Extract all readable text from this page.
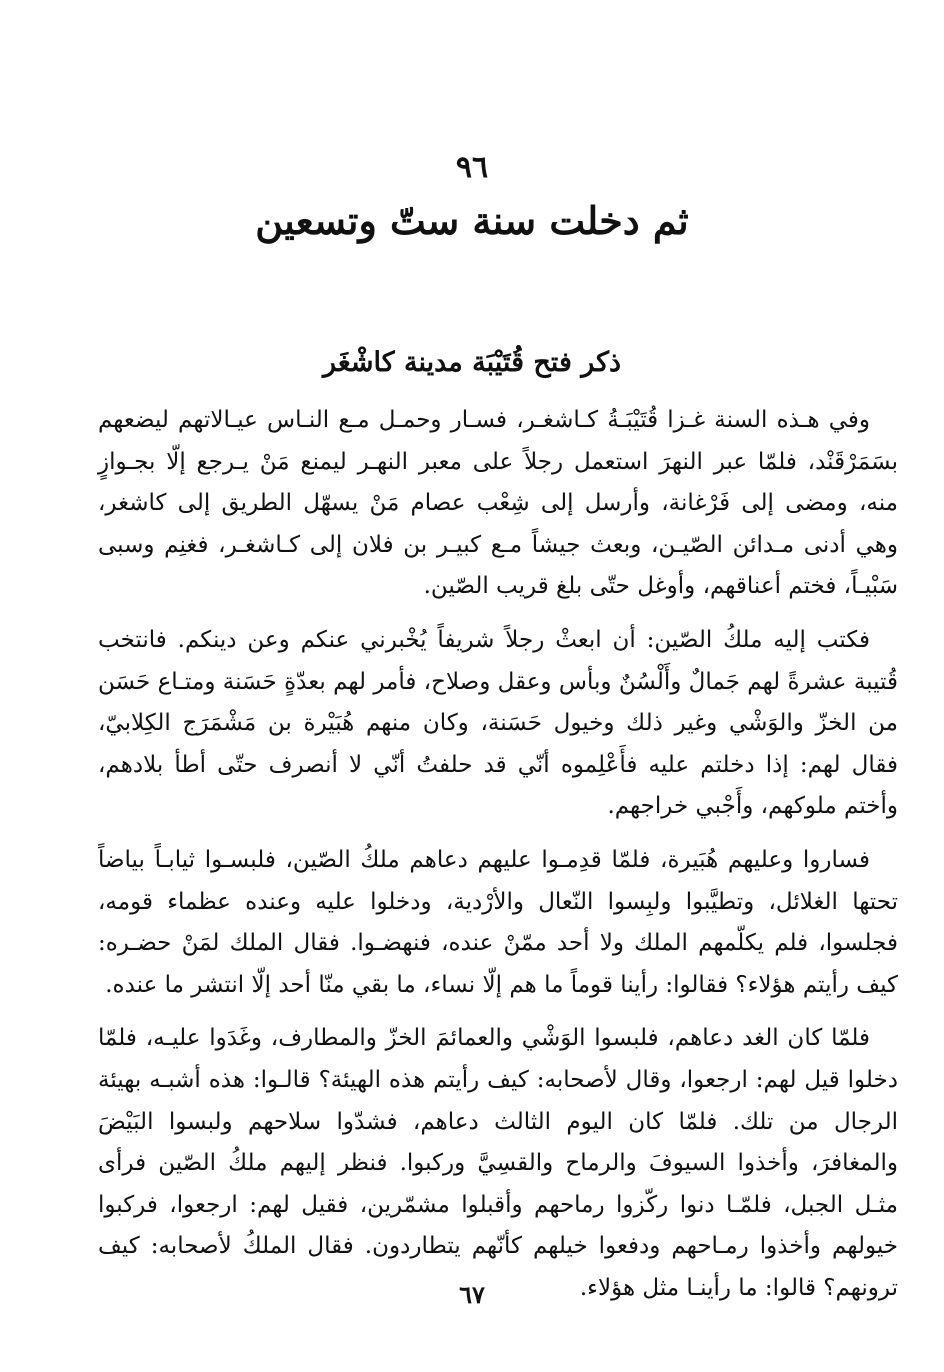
٩٦
ثم دخلت سنة ستّ وتسعين
ذكر فتح قُتَيْبَة مدينة كاشْغَر

وفي هـذه السنة غـزا قُتَيْبَـةُ كـاشغـر، فسـار وحمـل مـع النـاس عيـالاتهم ليضعهم بسَمَرْقَنْد، فلمّا عبر النهرَ استعمل رجلاً على معبر النهـر ليمنع مَنْ يـرجع إلّا بجـوازٍ منه، ومضى إلى فَرْغانة، وأرسل إلى شِعْب عصام مَنْ يسهّل الطريق إلى كاشغر، وهي أدنى مـدائن الصّيـن، وبعث جيشاً مـع كبيـر بن فلان إلى كـاشغـر، فغنِم وسبى سَبْيـاً، فختم أعناقهم، وأوغل حتّى بلغ قريب الصّين.

فكتب إليه ملكُ الصّين: أن ابعثْ رجلاً شريفاً يُخْبرني عنكم وعن دينكم. فانتخب قُتيبة عشرةً لهم جَمالٌ وأَلْسُنٌ وبأس وعقل وصلاح، فأمر لهم بعدّةٍ حَسَنة ومتـاع حَسَن من الخزّ والوَشْي وغير ذلك وخيول حَسَنة، وكان منهم هُبَيْرة بن مَشْمَرَج الكِلابيّ، فقال لهم: إذا دخلتم عليه فأَعْلِموه أنّي قد حلفتُ أنّي لا أنصرف حتّى أطأ بلادهم، وأختم ملوكهم، وأَجْبي خراجهم.

فساروا وعليهم هُبَيرة، فلمّا قدِمـوا عليهم دعاهم ملكُ الصّين، فلبسـوا ثيابـاً بياضاً تحتها الغلائل، وتطيَّبوا ولبِسوا النّعال والأرْدية، ودخلوا عليه وعنده عظماء قومه، فجلسوا، فلم يكلّمهم الملك ولا أحد ممّنْ عنده، فنهضـوا. فقال الملك لمَنْ حضـره: كيف رأيتم هؤلاء؟ فقالوا: رأينا قوماً ما هم إلّا نساء، ما بقي منّا أحد إلّا انتشر ما عنده.

فلمّا كان الغد دعاهم، فلبسوا الوَشْي والعمائمَ الخزّ والمطارف، وغَدَوا عليـه، فلمّا دخلوا قيل لهم: ارجعوا، وقال لأصحابه: كيف رأيتم هذه الهيئة؟ قالـوا: هذه أشبـه بهيئة الرجال من تلك. فلمّا كان اليوم الثالث دعاهم، فشدّوا سلاحهم ولبسوا البَيْضَ والمغافرَ، وأخذوا السيوفَ والرماح والقسِيَّ وركبوا. فنظر إليهم ملكُ الصّين فرأى مثـل الجبل، فلمّـا دنوا ركّزوا رماحهم وأقبلوا مشمّرين، فقيل لهم: ارجعوا، فركبوا خيولهم وأخذوا رمـاحهم ودفعوا خيلهم كأنّهم يتطاردون. فقال الملكُ لأصحابه: كيف ترونهم؟ قالوا: ما رأينـا مثل هؤلاء.

٦٧
